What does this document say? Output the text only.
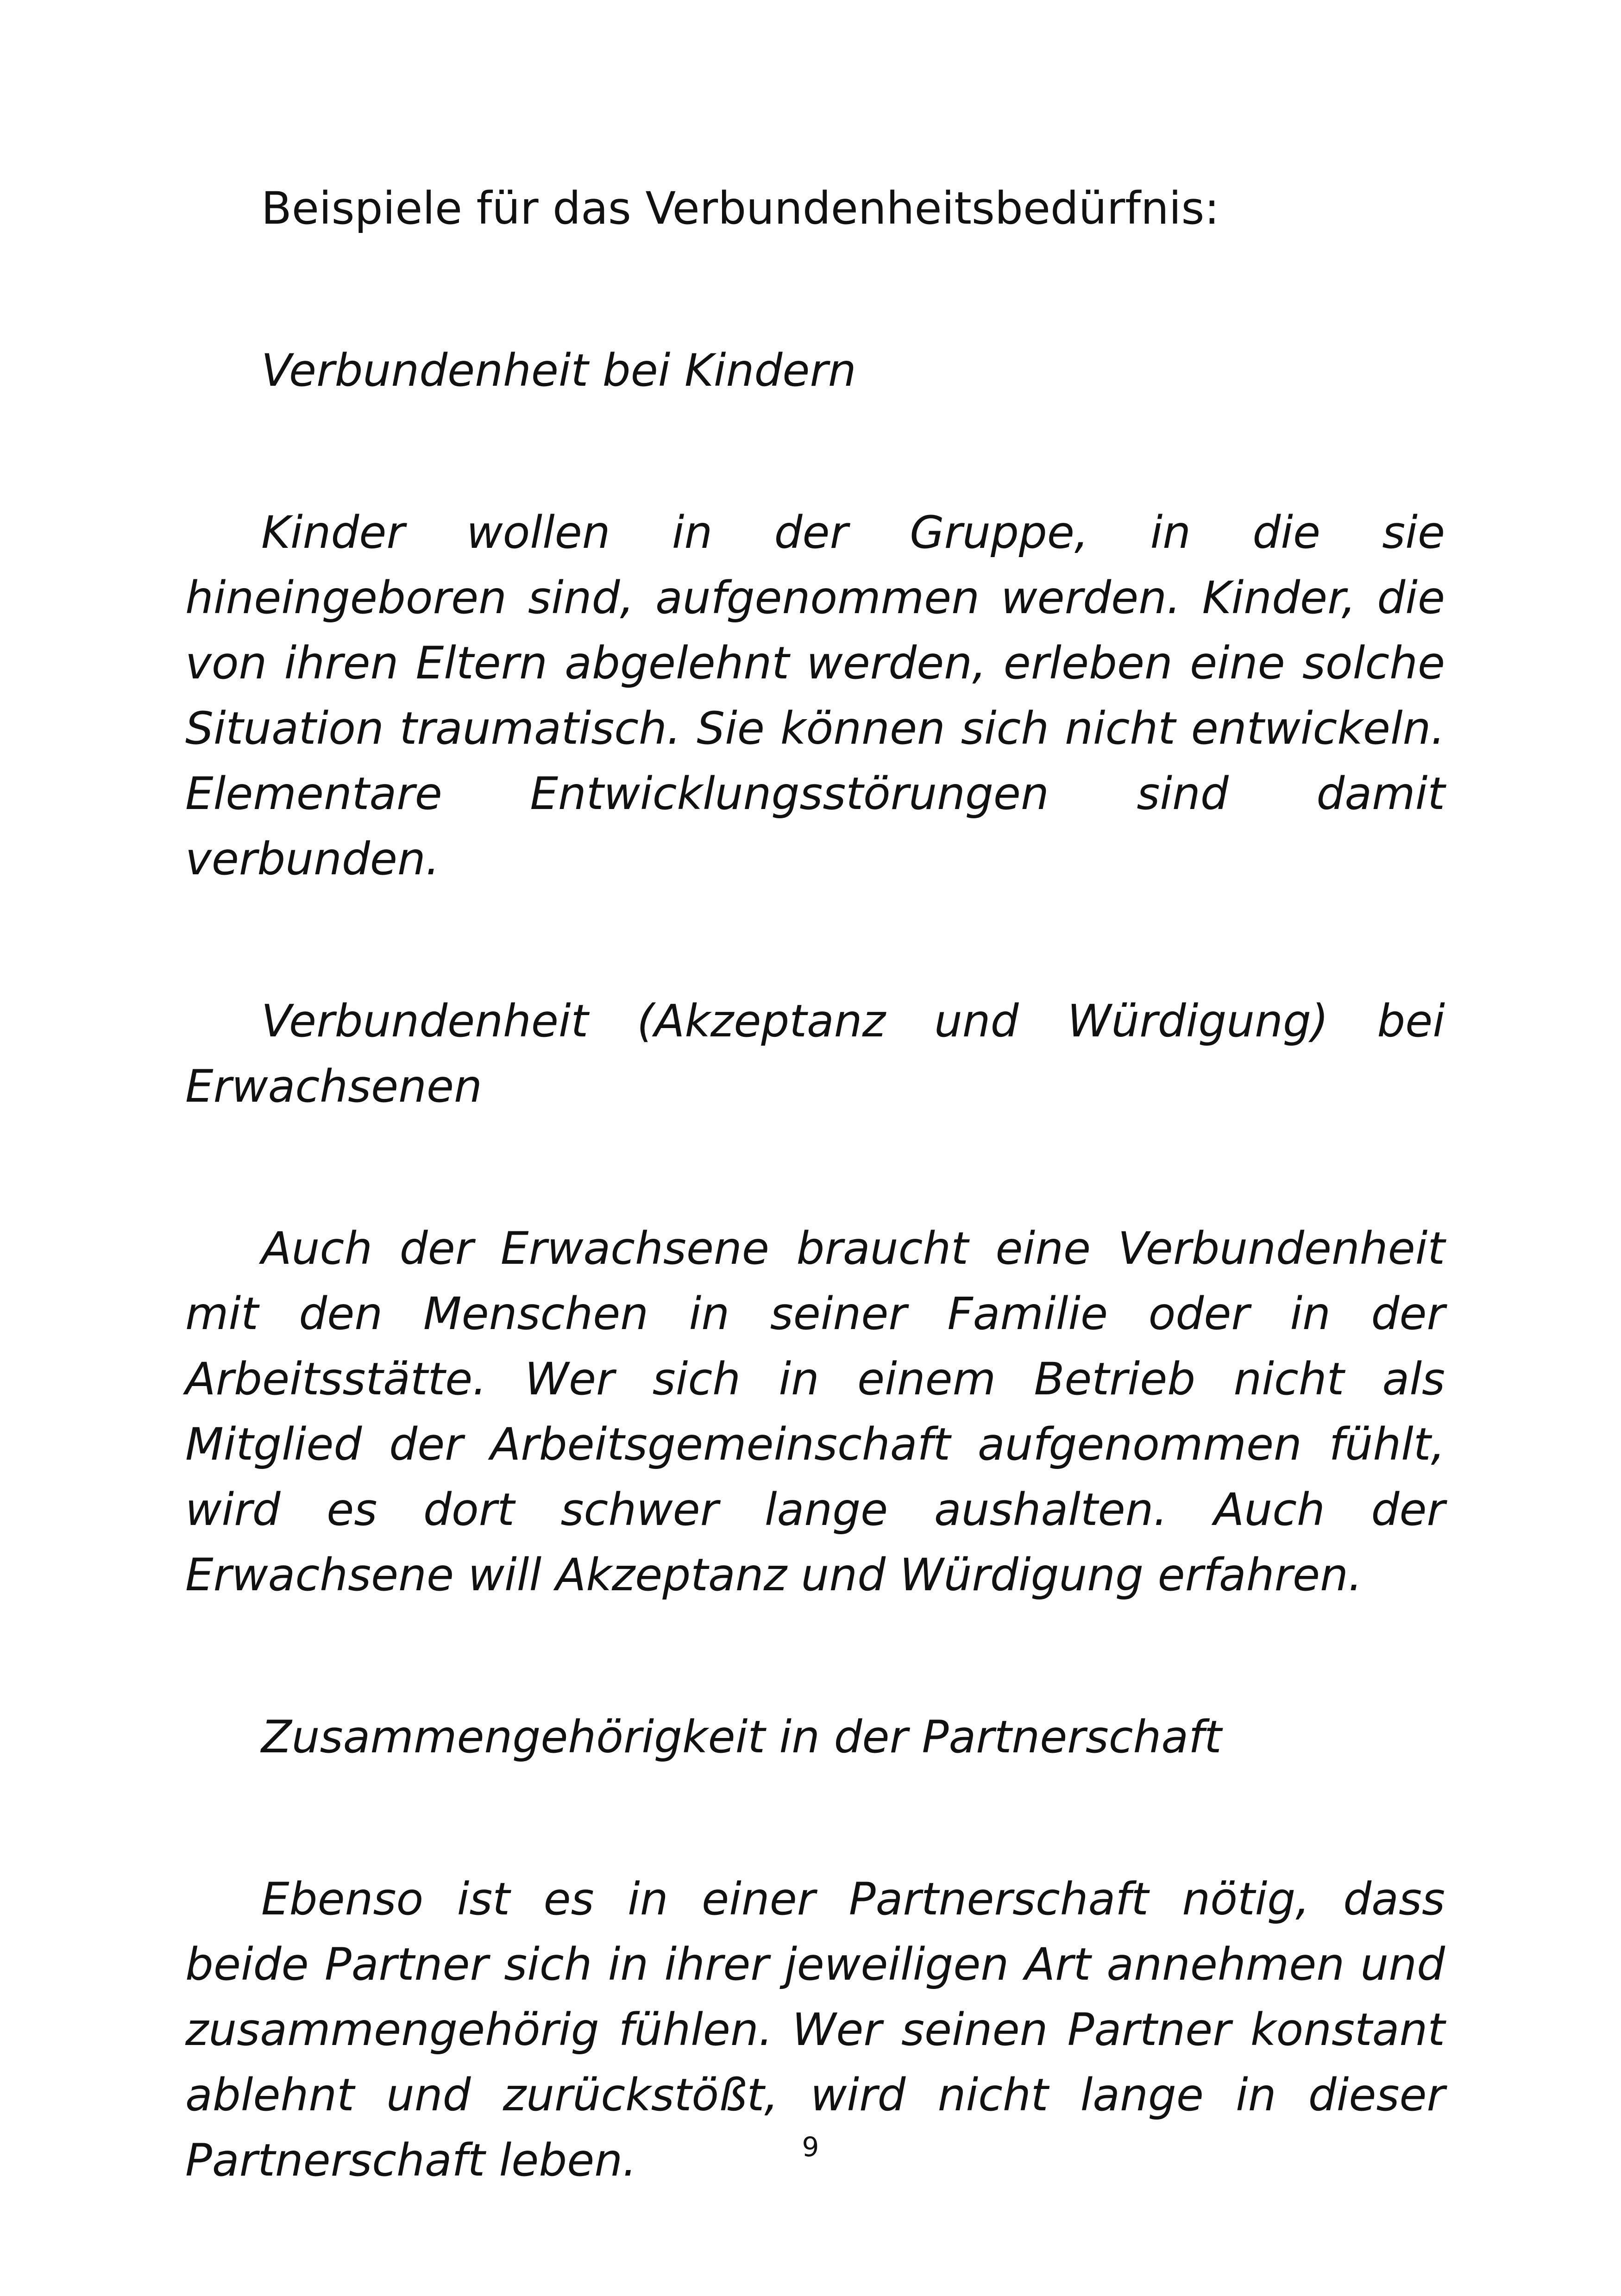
Beispiele für das Verbundenheitsbedürfnis:

Verbundenheit bei Kindern

Kinder wollen in der Gruppe, in die sie hineingeboren sind, aufgenommen werden. Kinder, die von ihren Eltern abgelehnt werden, erleben eine solche Situation traumatisch. Sie können sich nicht entwickeln. Elementare Entwicklungsstörungen sind damit verbunden.

Verbundenheit (Akzeptanz und Würdigung) bei Erwachsenen

Auch der Erwachsene braucht eine Verbundenheit mit den Menschen in seiner Familie oder in der Arbeitsstätte. Wer sich in einem Betrieb nicht als Mitglied der Arbeitsgemeinschaft aufgenommen fühlt, wird es dort schwer lange aushalten. Auch der Erwachsene will Akzeptanz und Würdigung erfahren.

Zusammengehörigkeit in der Partnerschaft

Ebenso ist es in einer Partnerschaft nötig, dass beide Partner sich in ihrer jeweiligen Art annehmen und zusammengehörig fühlen. Wer seinen Partner konstant ablehnt und zurückstößt, wird nicht lange in dieser Partnerschaft leben.	9
